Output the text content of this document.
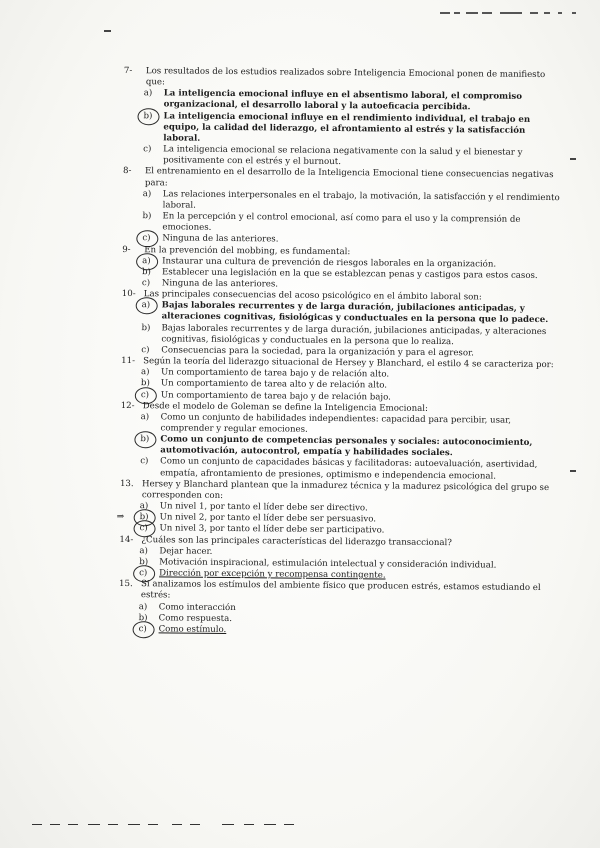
7- Los resultados de los estudios realizados sobre Inteligencia Emocional ponen de manifiesto que:
a) La inteligencia emocional influye en el absentismo laboral, el compromiso organizacional, el desarrollo laboral y la autoeficacia percibida.
b) La inteligencia emocional influye en el rendimiento individual, el trabajo en equipo, la calidad del liderazgo, el afrontamiento al estrés y la satisfacción laboral.
c) La inteligencia emocional se relaciona negativamente con la salud y el bienestar y positivamente con el estrés y el burnout.
8- El entrenamiento en el desarrollo de la Inteligencia Emocional tiene consecuencias negativas para:
a) Las relaciones interpersonales en el trabajo, la motivación, la satisfacción y el rendimiento laboral.
b) En la percepción y el control emocional, así como para el uso y la comprensión de emociones.
c) Ninguna de las anteriores.
9- En la prevención del mobbing, es fundamental:
a) Instaurar una cultura de prevención de riesgos laborales en la organización.
b) Establecer una legislación en la que se establezcan penas y castigos para estos casos.
c) Ninguna de las anteriores.
10- Las principales consecuencias del acoso psicológico en el ámbito laboral son:
a) Bajas laborales recurrentes y de larga duración, jubilaciones anticipadas, y alteraciones cognitivas, fisiológicas y conductuales en la persona que lo padece.
b) Bajas laborales recurrentes y de larga duración, jubilaciones anticipadas, y alteraciones cognitivas, fisiológicas y conductuales en la persona que lo realiza.
c) Consecuencias para la sociedad, para la organización y para el agresor.
11- Según la teoría del liderazgo situacional de Hersey y Blanchard, el estilo 4 se caracteriza por:
a) Un comportamiento de tarea bajo y de relación alto.
b) Un comportamiento de tarea alto y de relación alto.
c) Un comportamiento de tarea bajo y de relación bajo.
12- Desde el modelo de Goleman se define la Inteligencia Emocional:
a) Como un conjunto de habilidades independientes: capacidad para percibir, usar, comprender y regular emociones.
b) Como un conjunto de competencias personales y sociales: autoconocimiento, automotivación, autocontrol, empatía y habilidades sociales.
c) Como un conjunto de capacidades básicas y facilitadoras: autoevaluación, asertividad, empatía, afrontamiento de presiones, optimismo e independencia emocional.
13. Hersey y Blanchard plantean que la inmadurez técnica y la madurez psicológica del grupo se corresponden con:
a) Un nivel 1, por tanto el líder debe ser directivo.
⇒ b) Un nivel 2, por tanto el líder debe ser persuasivo.
c) Un nivel 3, por tanto el líder debe ser participativo.
14- ¿Cuáles son las principales características del liderazgo transaccional?
a) Dejar hacer.
b) Motivación inspiracional, estimulación intelectual y consideración individual.
c) Dirección por excepción y recompensa contingente.
15. Si analizamos los estímulos del ambiente físico que producen estrés, estamos estudiando el estrés:
a) Como interacción
b) Como respuesta.
c) Como estímulo.
